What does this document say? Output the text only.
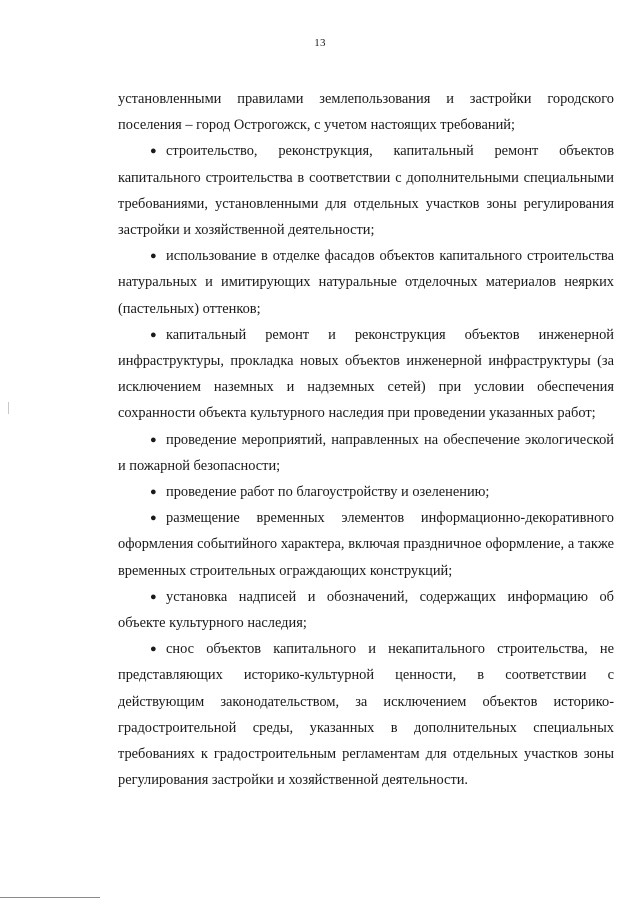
13

установленными правилами землепользования и застройки городского поселения – город Острогожск, с учетом настоящих требований;

● строительство, реконструкция, капитальный ремонт объектов капитального строительства в соответствии с дополнительными специальными требованиями, установленными для отдельных участков зоны регулирования застройки и хозяйственной деятельности;

● использование в отделке фасадов объектов капитального строительства натуральных и имитирующих натуральные отделочных материалов неярких (пастельных) оттенков;

● капитальный ремонт и реконструкция объектов инженерной инфраструктуры, прокладка новых объектов инженерной инфраструктуры (за исключением наземных и надземных сетей) при условии обеспечения сохранности объекта культурного наследия при проведении указанных работ;

● проведение мероприятий, направленных на обеспечение экологической и пожарной безопасности;

● проведение работ по благоустройству и озеленению;

● размещение временных элементов информационно-декоративного оформления событийного характера, включая праздничное оформление, а также временных строительных ограждающих конструкций;

● установка надписей и обозначений, содержащих информацию об объекте культурного наследия;

● снос объектов капитального и некапитального строительства, не представляющих историко-культурной ценности, в соответствии с действующим законодательством, за исключением объектов историко-градостроительной среды, указанных в дополнительных специальных требованиях к градостроительным регламентам для отдельных участков зоны регулирования застройки и хозяйственной деятельности.
